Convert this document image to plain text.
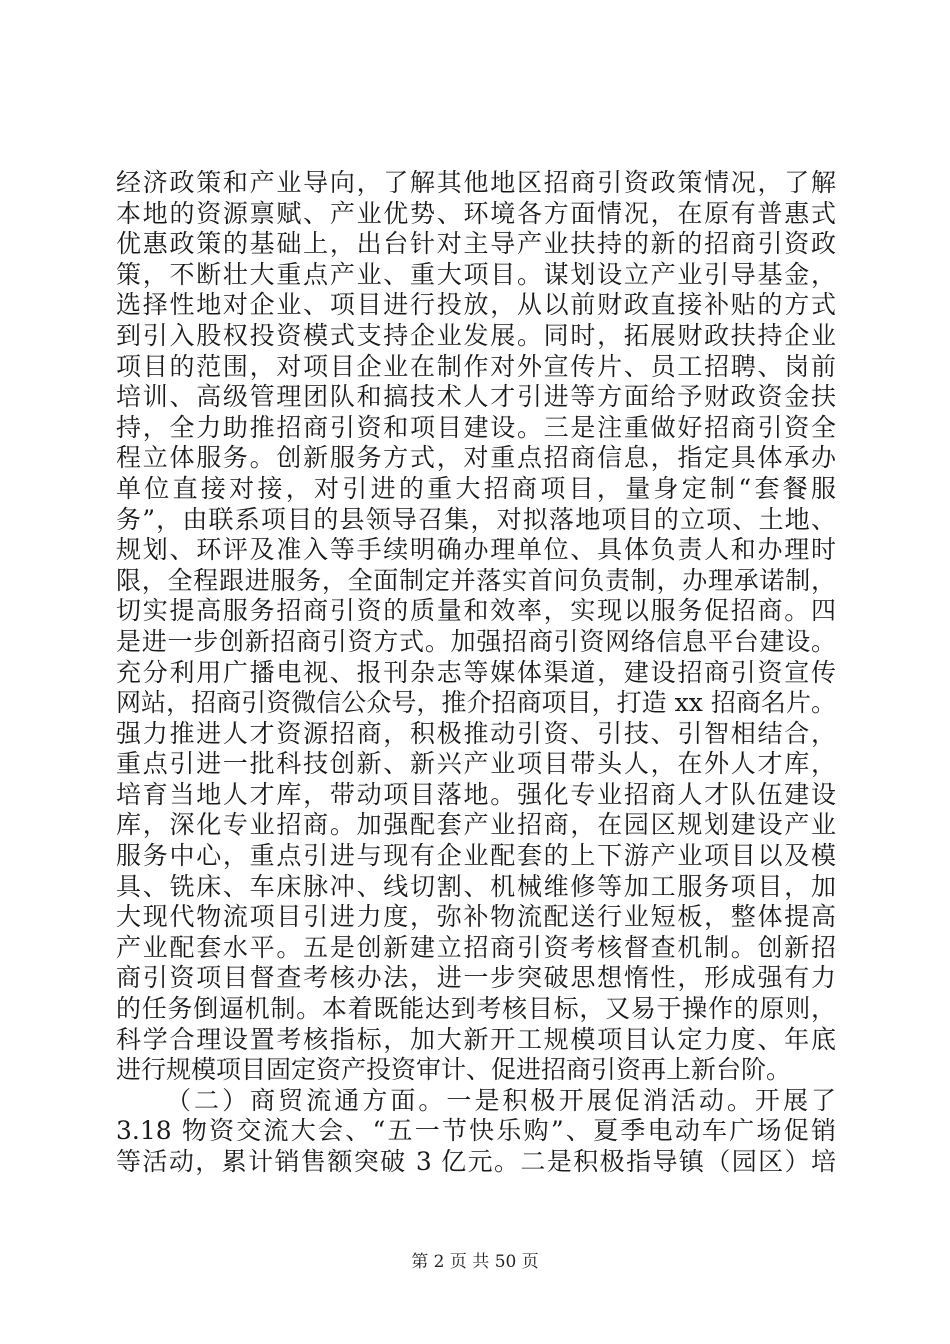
经济政策和产业导向，了解其他地区招商引资政策情况，了解
本地的资源禀赋、产业优势、环境各方面情况，在原有普惠式
优惠政策的基础上，出台针对主导产业扶持的新的招商引资政
策，不断壮大重点产业、重大项目。谋划设立产业引导基金，
选择性地对企业、项目进行投放，从以前财政直接补贴的方式
到引入股权投资模式支持企业发展。同时，拓展财政扶持企业
项目的范围，对项目企业在制作对外宣传片、员工招聘、岗前
培训、高级管理团队和搞技术人才引进等方面给予财政资金扶
持，全力助推招商引资和项目建设。三是注重做好招商引资全
程立体服务。创新服务方式，对重点招商信息，指定具体承办
单位直接对接，对引进的重大招商项目，量身定制“套餐服
务”，由联系项目的县领导召集，对拟落地项目的立项、土地、
规划、环评及准入等手续明确办理单位、具体负责人和办理时
限，全程跟进服务，全面制定并落实首问负责制，办理承诺制，
切实提高服务招商引资的质量和效率，实现以服务促招商。四
是进一步创新招商引资方式。加强招商引资网络信息平台建设。
充分利用广播电视、报刊杂志等媒体渠道，建设招商引资宣传
网站，招商引资微信公众号，推介招商项目，打造 xx 招商名片。
强力推进人才资源招商，积极推动引资、引技、引智相结合，
重点引进一批科技创新、新兴产业项目带头人，在外人才库，
培育当地人才库，带动项目落地。强化专业招商人才队伍建设
库，深化专业招商。加强配套产业招商，在园区规划建设产业
服务中心，重点引进与现有企业配套的上下游产业项目以及模
具、铣床、车床脉冲、线切割、机械维修等加工服务项目，加
大现代物流项目引进力度，弥补物流配送行业短板，整体提高
产业配套水平。五是创新建立招商引资考核督查机制。创新招
商引资项目督查考核办法，进一步突破思想惰性，形成强有力
的任务倒逼机制。本着既能达到考核目标，又易于操作的原则，
科学合理设置考核指标，加大新开工规模项目认定力度、年底
进行规模项目固定资产投资审计、促进招商引资再上新台阶。
（二）商贸流通方面。一是积极开展促消活动。开展了
3.18 物资交流大会、“五一节快乐购”、夏季电动车广场促销
等活动，累计销售额突破 3 亿元。二是积极指导镇（园区）培
第 2 页 共 50 页
